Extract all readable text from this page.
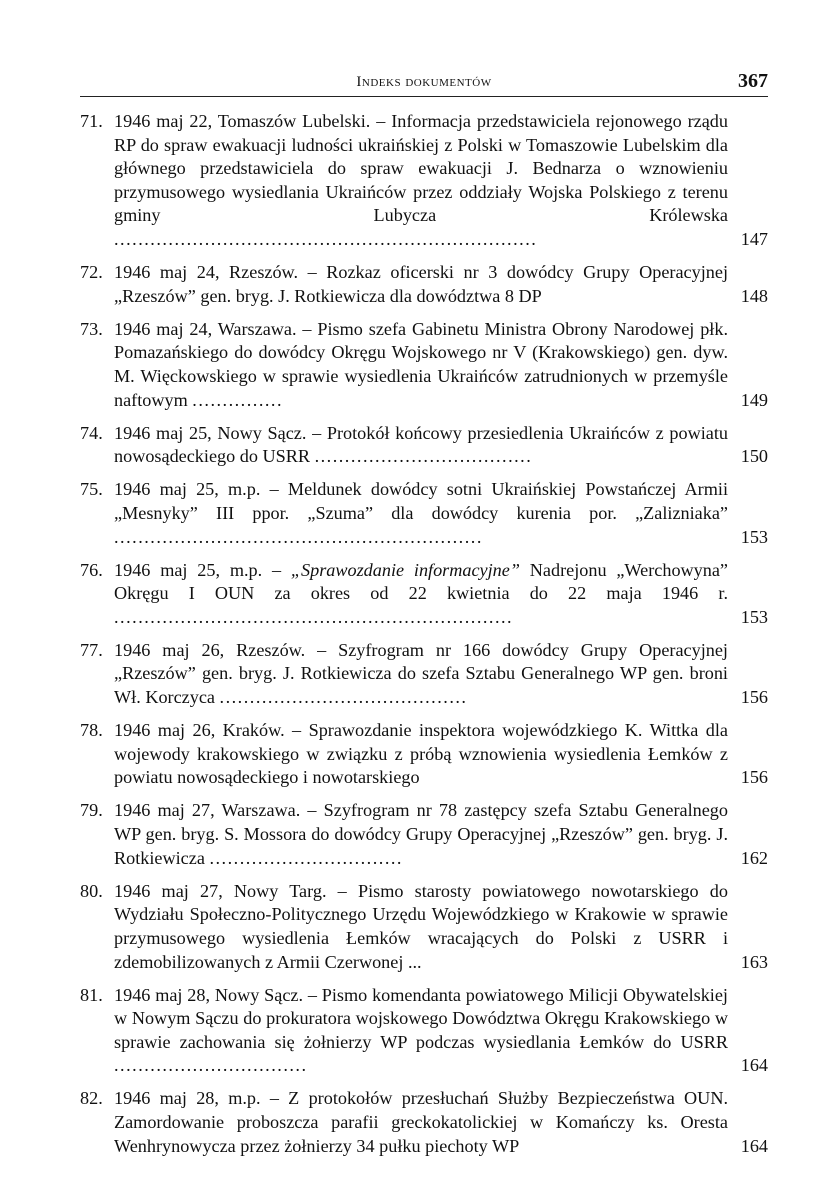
Indeks dokumentów	367
71. 1946 maj 22, Tomaszów Lubelski. – Informacja przedstawiciela rejonowego rządu RP do spraw ewakuacji ludności ukraińskiej z Polski w Tomaszowie Lubelskim dla głównego przedstawiciela do spraw ewakuacji J. Bednarza o wznowieniu przymusowego wysiedlania Ukraińców przez oddziały Wojska Polskiego z terenu gminy Lubycza Królewska ......................................................................	147
72. 1946 maj 24, Rzeszów. – Rozkaz oficerski nr 3 dowódcy Grupy Operacyjnej „Rzeszów” gen. bryg. J. Rotkiewicza dla dowództwa 8 DP	148
73. 1946 maj 24, Warszawa. – Pismo szefa Gabinetu Ministra Obrony Narodowej płk. Pomazańskiego do dowódcy Okręgu Wojskowego nr V (Krakowskiego) gen. dyw. M. Więckowskiego w sprawie wysiedlenia Ukraińców zatrudnionych w przemyśle naftowym ...............	149
74. 1946 maj 25, Nowy Sącz. – Protokół końcowy przesiedlenia Ukraińców z powiatu nowosądeckiego do USRR ....................................	150
75. 1946 maj 25, m.p. – Meldunek dowódcy sotni Ukraińskiej Powstańczej Armii „Mesnyky” III ppor. „Szuma” dla dowódcy kurenia por. „Zalizniaka” .............................................................	153
76. 1946 maj 25, m.p. – „Sprawozdanie informacyjne” Nadrejonu „Werchowyna” Okręgu I OUN za okres od 22 kwietnia do 22 maja 1946 r. ..................................................................	153
77. 1946 maj 26, Rzeszów. – Szyfrogram nr 166 dowódcy Grupy Operacyjnej „Rzeszów” gen. bryg. J. Rotkiewicza do szefa Sztabu Generalnego WP gen. broni Wł. Korczyca .........................................	156
78. 1946 maj 26, Kraków. – Sprawozdanie inspektora wojewódzkiego K. Wittka dla wojewody krakowskiego w związku z próbą wznowienia wysiedlenia Łemków z powiatu nowosądeckiego i nowotarskiego	156
79. 1946 maj 27, Warszawa. – Szyfrogram nr 78 zastępcy szefa Sztabu Generalnego WP gen. bryg. S. Mossora do dowódcy Grupy Operacyjnej „Rzeszów” gen. bryg. J. Rotkiewicza ................................	162
80. 1946 maj 27, Nowy Targ. – Pismo starosty powiatowego nowotarskiego do Wydziału Społeczno-Politycznego Urzędu Wojewódzkiego w Krakowie w sprawie przymusowego wysiedlenia Łemków wracających do Polski z USRR i zdemobilizowanych z Armii Czerwonej ...	163
81. 1946 maj 28, Nowy Sącz. – Pismo komendanta powiatowego Milicji Obywatelskiej w Nowym Sączu do prokuratora wojskowego Dowództwa Okręgu Krakowskiego w sprawie zachowania się żołnierzy WP podczas wysiedlania Łemków do USRR ................................	164
82. 1946 maj 28, m.p. – Z protokołów przesłuchań Służby Bezpieczeństwa OUN. Zamordowanie proboszcza parafii greckokatolickiej w Komańczy ks. Oresta Wenhrynowycza przez żołnierzy 34 pułku piechoty WP	164
